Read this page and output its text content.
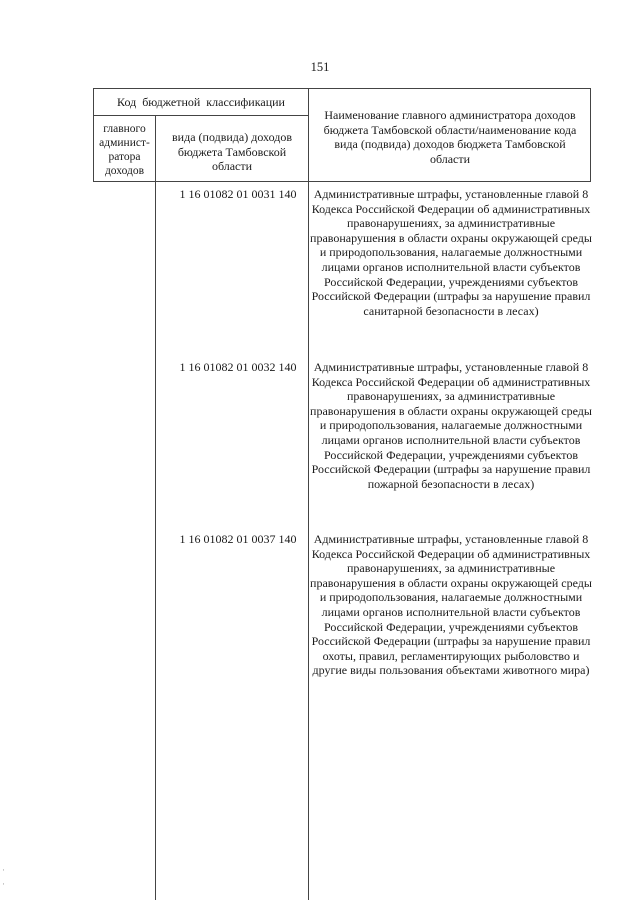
151
Код  бюджетной  классификации
главного админист-ратора доходов
вида (подвида) доходов бюджета Тамбовской области
Наименование главного администратора доходов бюджета Тамбовской области/наименование кода вида (подвида) доходов бюджета Тамбовской области
1 16 01082 01 0031 140	Административные штрафы, установленные главой 8 Кодекса Российской Федерации об административных правонарушениях, за административные правонарушения в области охраны окружающей среды и природопользования, налагаемые должностными лицами органов исполнительной власти субъектов Российской Федерации, учреждениями субъектов Российской Федерации (штрафы за нарушение правил санитарной безопасности в лесах)
1 16 01082 01 0032 140	Административные штрафы, установленные главой 8 Кодекса Российской Федерации об административных правонарушениях, за административные правонарушения в области охраны окружающей среды и природопользования, налагаемые должностными лицами органов исполнительной власти субъектов Российской Федерации, учреждениями субъектов Российской Федерации (штрафы за нарушение правил пожарной безопасности в лесах)
1 16 01082 01 0037 140	Административные штрафы, установленные главой 8 Кодекса Российской Федерации об административных правонарушениях, за административные правонарушения в области охраны окружающей среды и природопользования, налагаемые должностными лицами органов исполнительной власти субъектов Российской Федерации, учреждениями субъектов Российской Федерации (штрафы за нарушение правил охоты, правил, регламентирующих рыболовство и другие виды пользования объектами животного мира)
·
·
